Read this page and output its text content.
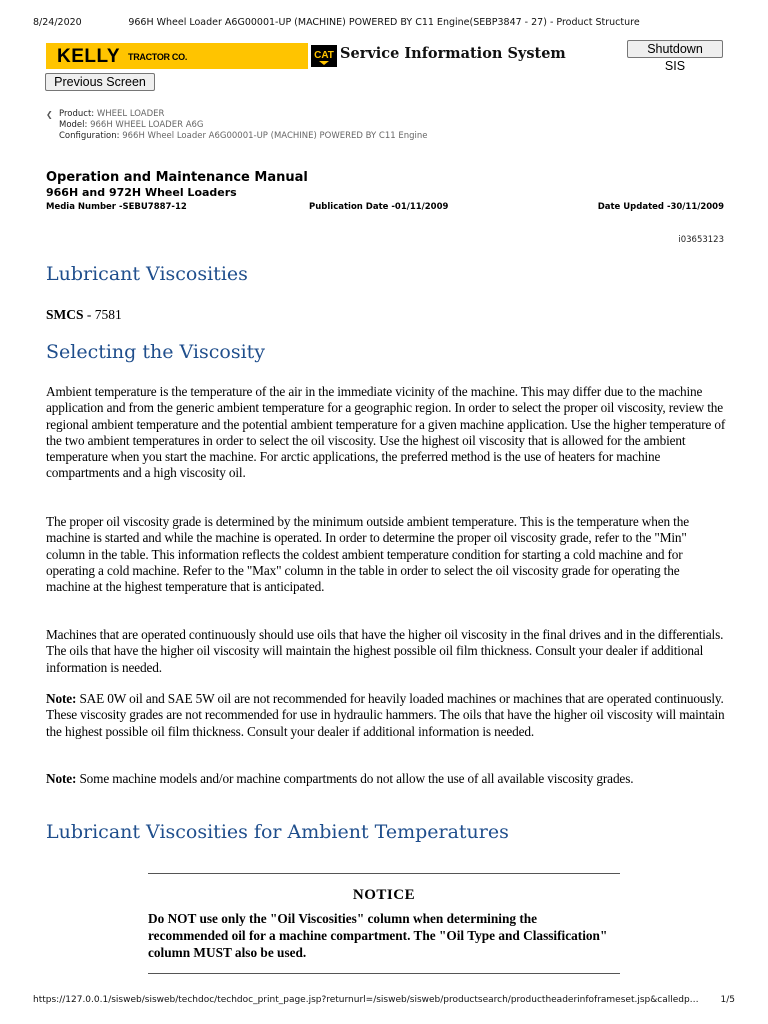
8/24/2020	966H Wheel Loader A6G00001-UP (MACHINE) POWERED BY C11 Engine(SEBP3847 - 27) - Product Structure
KELLY TRACTOR CO.	CAT Service Information System	Shutdown SIS
Previous Screen
❮ Product: WHEEL LOADER
Model: 966H WHEEL LOADER A6G
Configuration: 966H Wheel Loader A6G00001-UP (MACHINE) POWERED BY C11 Engine
Operation and Maintenance Manual
966H and 972H Wheel Loaders
Media Number -SEBU7887-12	Publication Date -01/11/2009	Date Updated -30/11/2009
i03653123
Lubricant Viscosities
SMCS - 7581
Selecting the Viscosity

Ambient temperature is the temperature of the air in the immediate vicinity of the machine. This may differ due to the machine application and from the generic ambient temperature for a geographic region. In order to select the proper oil viscosity, review the regional ambient temperature and the potential ambient temperature for a given machine application. Use the higher temperature of the two ambient temperatures in order to select the oil viscosity. Use the highest oil viscosity that is allowed for the ambient temperature when you start the machine. For arctic applications, the preferred method is the use of heaters for machine compartments and a high viscosity oil.

The proper oil viscosity grade is determined by the minimum outside ambient temperature. This is the temperature when the machine is started and while the machine is operated. In order to determine the proper oil viscosity grade, refer to the "Min" column in the table. This information reflects the coldest ambient temperature condition for starting a cold machine and for operating a cold machine. Refer to the "Max" column in the table in order to select the oil viscosity grade for operating the machine at the highest temperature that is anticipated.

Machines that are operated continuously should use oils that have the higher oil viscosity in the final drives and in the differentials. The oils that have the higher oil viscosity will maintain the highest possible oil film thickness. Consult your dealer if additional information is needed.

Note: SAE 0W oil and SAE 5W oil are not recommended for heavily loaded machines or machines that are operated continuously. These viscosity grades are not recommended for use in hydraulic hammers. The oils that have the higher oil viscosity will maintain the highest possible oil film thickness. Consult your dealer if additional information is needed.

Note: Some machine models and/or machine compartments do not allow the use of all available viscosity grades.

Lubricant Viscosities for Ambient Temperatures
NOTICE
Do NOT use only the "Oil Viscosities" column when determining the recommended oil for a machine compartment. The "Oil Type and Classification" column MUST also be used.
https://127.0.0.1/sisweb/sisweb/techdoc/techdoc_print_page.jsp?returnurl=/sisweb/sisweb/productsearch/productheaderinfoframeset.jsp&calledp…	1/5
